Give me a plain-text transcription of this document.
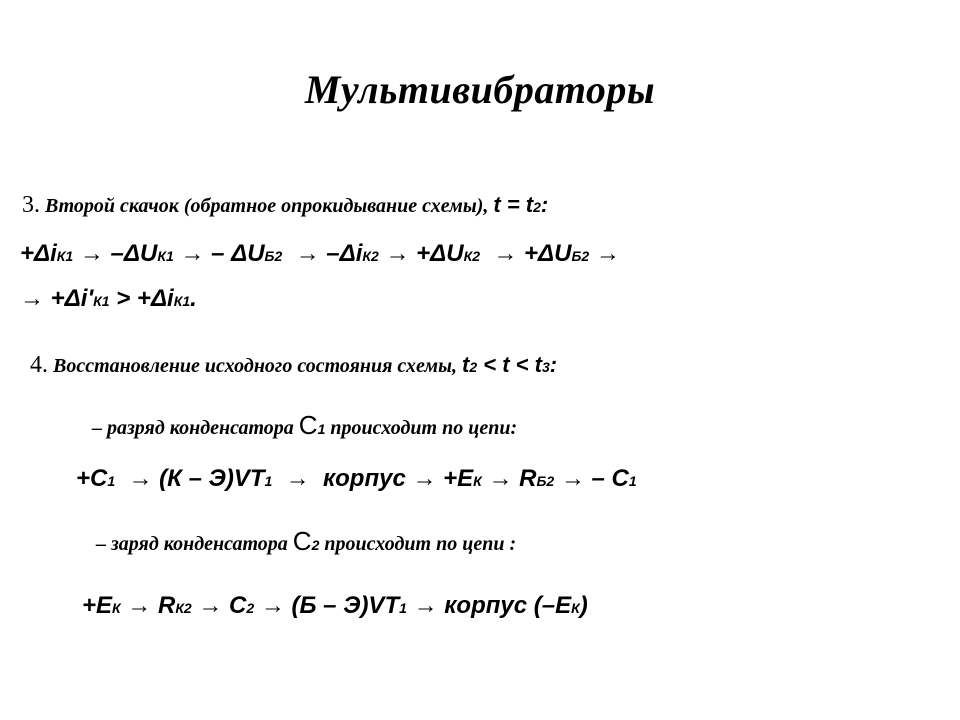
Мультивибраторы
3. Второй скачок (обратное опрокидывание схемы), t = t2:
+ΔiК1 → –ΔUК1 → – ΔUБ2  → –ΔiК2 → +ΔUК2  → +ΔUБ2 →
→ +Δi'К1 > +ΔiК1.
4. Восстановление исходного состояния схемы, t2 < t < t3:
– разряд конденсатора C1 происходит по цепи:
+C1  → (К – Э)VT1  →  корпус → +EК → RБ2 → – C1
– заряд конденсатора C2 происходит по цепи :
+EК → RК2 → C2 → (Б – Э)VT1 → корпус (–EК)
